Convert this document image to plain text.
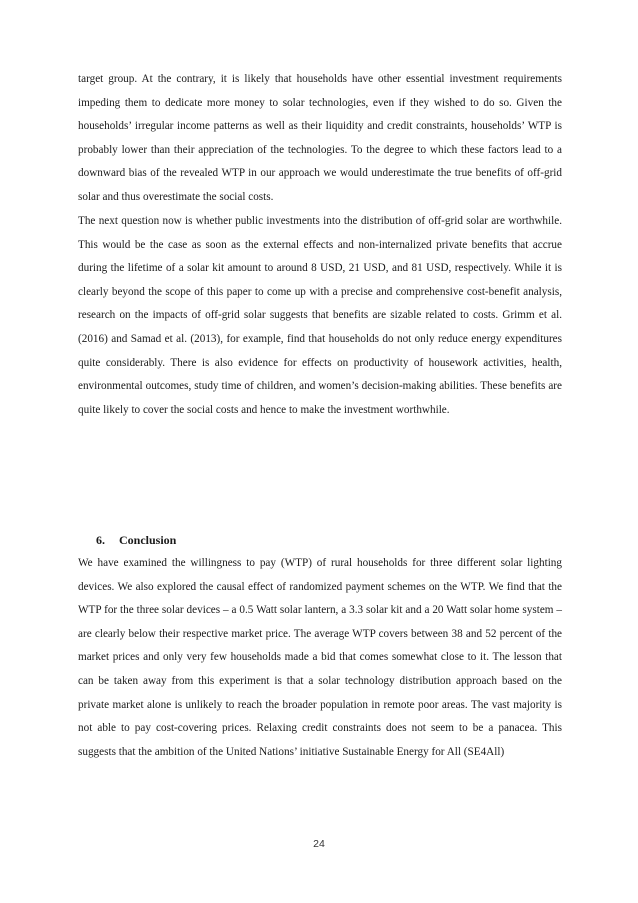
target group. At the contrary, it is likely that households have other essential investment requirements impeding them to dedicate more money to solar technologies, even if they wished to do so. Given the households’ irregular income patterns as well as their liquidity and credit constraints, households’ WTP is probably lower than their appreciation of the technologies. To the degree to which these factors lead to a downward bias of the revealed WTP in our approach we would underestimate the true benefits of off-grid solar and thus overestimate the social costs.

The next question now is whether public investments into the distribution of off-grid solar are worthwhile. This would be the case as soon as the external effects and non-internalized private benefits that accrue during the lifetime of a solar kit amount to around 8 USD, 21 USD, and 81 USD, respectively. While it is clearly beyond the scope of this paper to come up with a precise and comprehensive cost-benefit analysis, research on the impacts of off-grid solar suggests that benefits are sizable related to costs. Grimm et al. (2016) and Samad et al. (2013), for example, find that households do not only reduce energy expenditures quite considerably. There is also evidence for effects on productivity of housework activities, health, environmental outcomes, study time of children, and women’s decision-making abilities. These benefits are quite likely to cover the social costs and hence to make the investment worthwhile.

6. Conclusion

We have examined the willingness to pay (WTP) of rural households for three different solar lighting devices. We also explored the causal effect of randomized payment schemes on the WTP. We find that the WTP for the three solar devices – a 0.5 Watt solar lantern, a 3.3 solar kit and a 20 Watt solar home system – are clearly below their respective market price. The average WTP covers between 38 and 52 percent of the market prices and only very few households made a bid that comes somewhat close to it. The lesson that can be taken away from this experiment is that a solar technology distribution approach based on the private market alone is unlikely to reach the broader population in remote poor areas. The vast majority is not able to pay cost-covering prices. Relaxing credit constraints does not seem to be a panacea. This suggests that the ambition of the United Nations’ initiative Sustainable Energy for All (SE4All)

24
